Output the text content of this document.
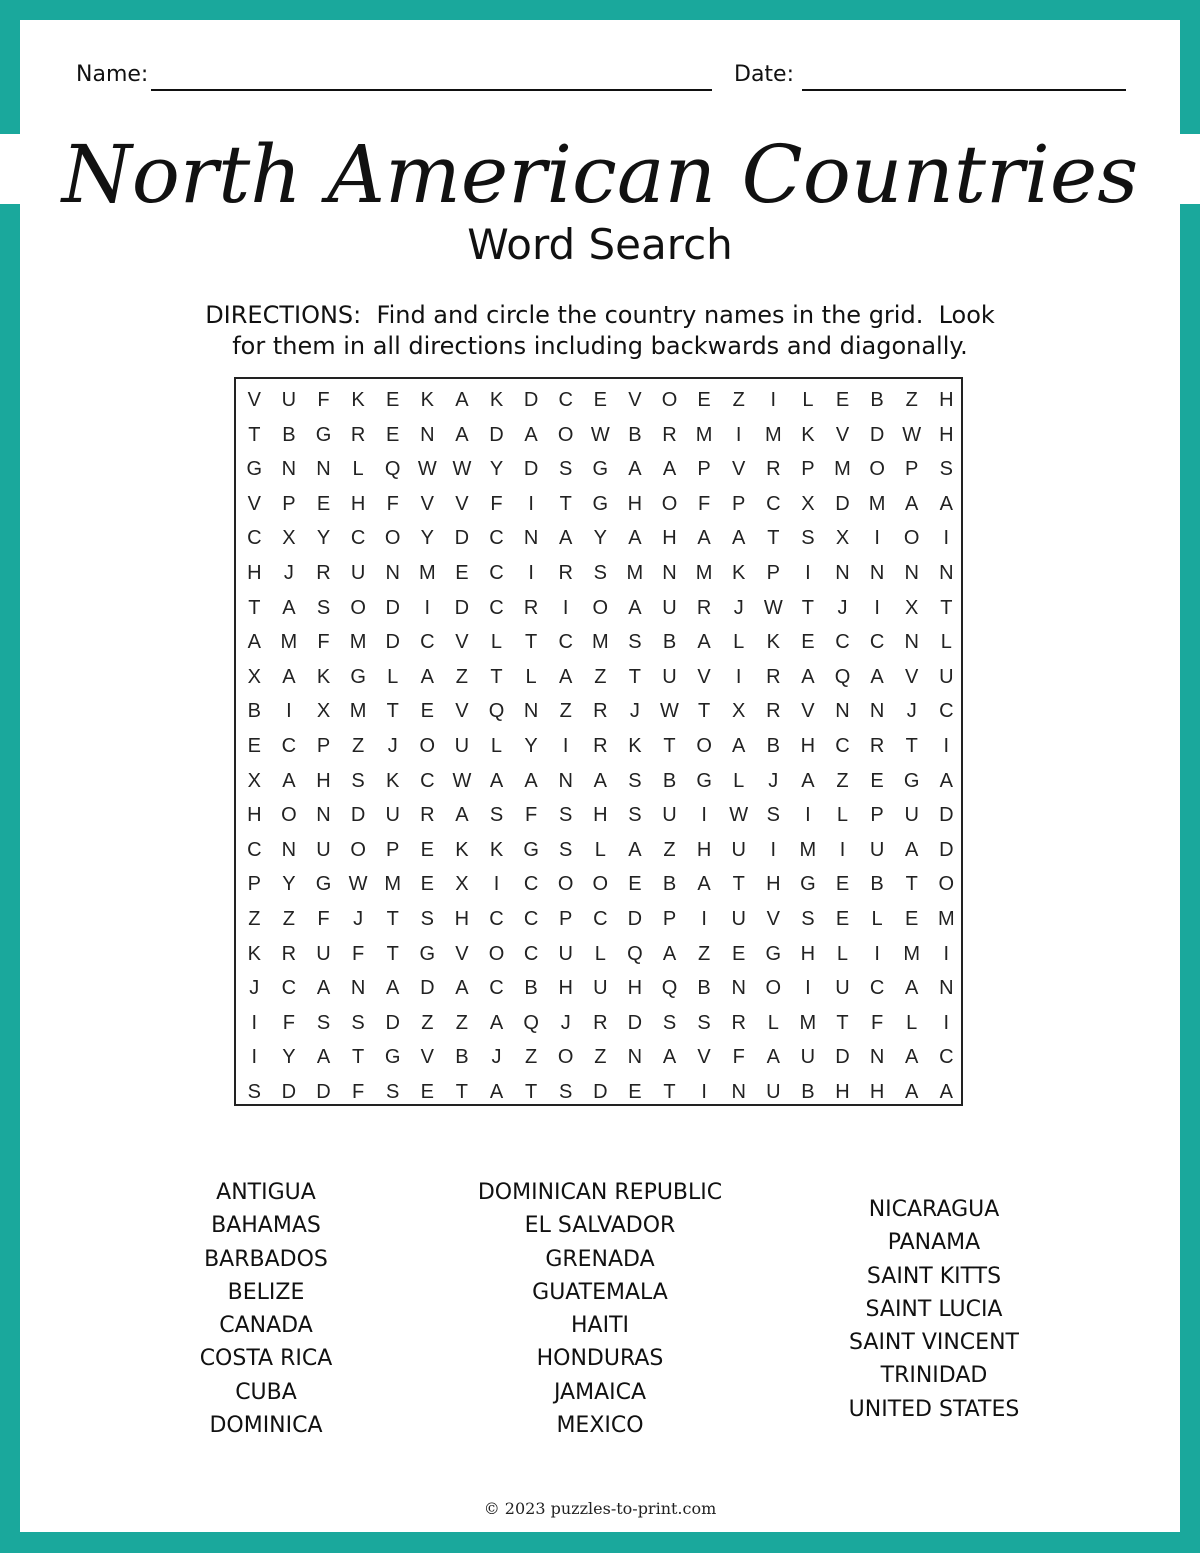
Name:	Date:
North American Countries
Word Search
DIRECTIONS:  Find and circle the country names in the grid.  Look
for them in all directions including backwards and diagonally.
V	U	F	K	E	K	A	K	D	C	E	V	O	E	Z	I	L	E	B	Z	H
T	B	G R	E	N	A	D	A	O W B	R M	I	M K	V	D W H
G N	N	L	Q W W Y	D	S	G	A	A	P	V	R	P M O	P	S
V	P	E	H	F	V	V	F	I	T	G H O	F	P	C	X	D M A	A
C	X	Y	C O	Y	D	C	N	A	Y	A	H	A	A	T	S	X	I	O	I
H	J	R	U	N M E	C	I	R	S M N M K	P	I	N	N	N	N
T	A	S	O D	I	D	C	R	I	O	A	U	R	J	W T	J	I	X	T
A M	F	M D	C	V	L	T	C M S	B	A	L	K	E	C	C	N	L
X	A	K	G	L	A	Z	T	L	A	Z	T	U	V	I	R	A	Q	A	V	U
B	I	X M	T	E	V	Q N	Z	R	J	W T	X	R	V	N	N	J	C
E	C	P	Z	J	O U	L	Y	I	R	K	T	O	A	B	H	C	R	T	I
X	A	H	S	K	C W A	A	N	A	S	B	G	L	J	A	Z	E	G	A
H O N	D	U	R	A	S	F	S	H	S	U	I	W S	I	L	P	U	D
C	N	U O	P	E	K	K	G	S	L	A	Z	H	U	I	M	I	U	A	D
P	Y	G W M E	X	I	C O O	E	B	A	T	H G	E	B	T	O
Z	Z	F	J	T	S	H	C	C	P	C	D	P	I	U	V	S	E	L	E M
K	R	U	F	T	G	V	O C	U	L	Q	A	Z	E	G H	L	I	M	I
J	C	A	N	A	D	A	C	B	H	U	H Q	B	N O	I	U	C	A	N
I	F	S	S	D	Z	Z	A	Q	J	R	D	S	S	R	L	M	T	F	L	I
I	Y	A	T	G	V	B	J	Z	O	Z	N	A	V	F	A	U	D	N	A	C
S	D	D	F	S	E	T	A	T	S	D	E	T	I	N	U	B	H	H	A	A
ANTIGUA
BAHAMAS
BARBADOS
BELIZE
CANADA
COSTA RICA
CUBA
DOMINICA
DOMINICAN REPUBLIC
EL SALVADOR
GRENADA
GUATEMALA
HAITI
HONDURAS
JAMAICA
MEXICO
NICARAGUA
PANAMA
SAINT KITTS
SAINT LUCIA
SAINT VINCENT
TRINIDAD
UNITED STATES
© 2023 puzzles-to-print.com
